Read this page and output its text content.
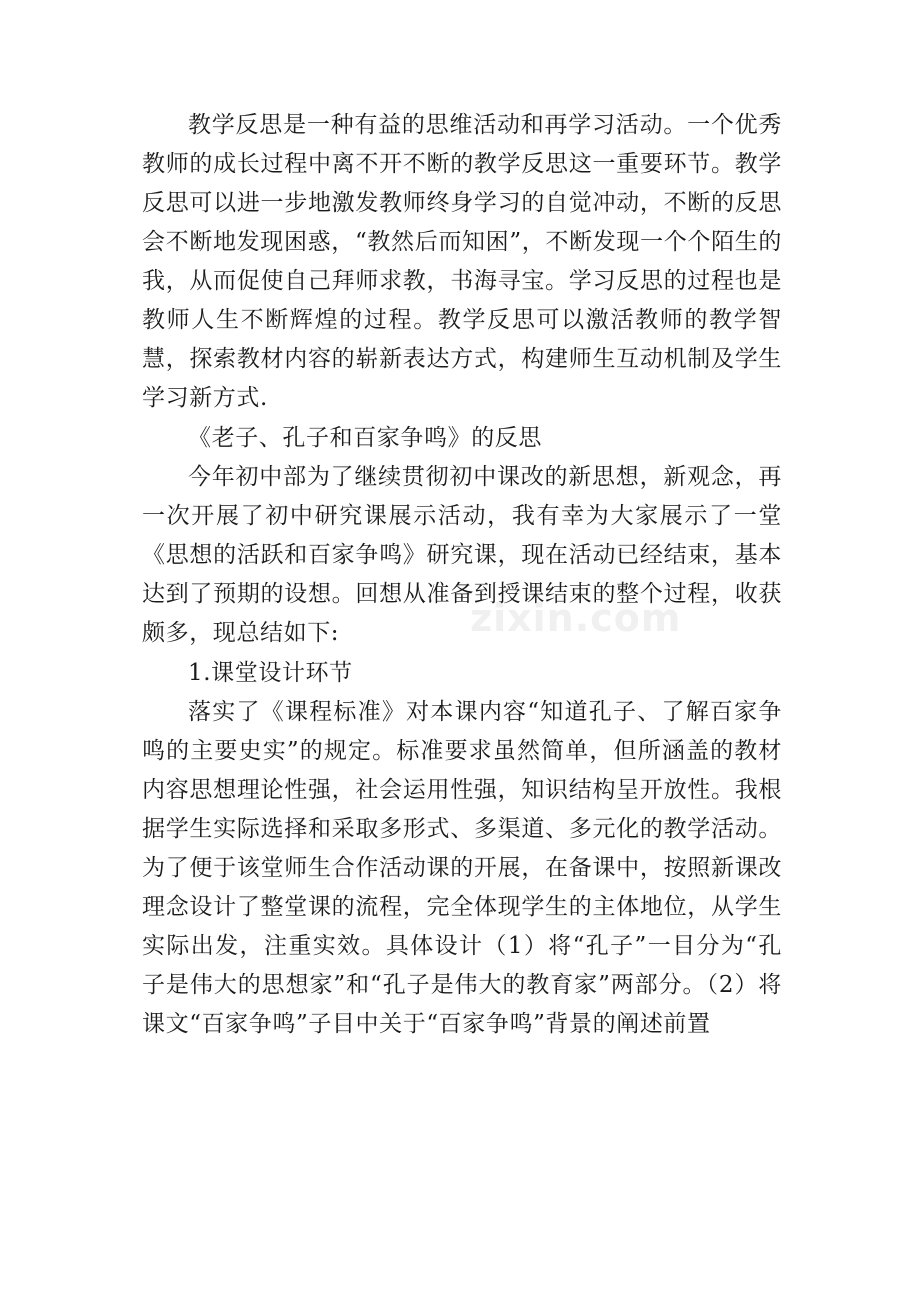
教学反思是一种有益的思维活动和再学习活动。一个优秀教师的成长过程中离不开不断的教学反思这一重要环节。教学反思可以进一步地激发教师终身学习的自觉冲动，不断的反思会不断地发现困惑，“教然后而知困”，不断发现一个个陌生的我，从而促使自己拜师求教，书海寻宝。学习反思的过程也是教师人生不断辉煌的过程。教学反思可以激活教师的教学智慧，探索教材内容的崭新表达方式，构建师生互动机制及学生学习新方式.

《老子、孔子和百家争鸣》的反思

今年初中部为了继续贯彻初中课改的新思想，新观念，再一次开展了初中研究课展示活动，我有幸为大家展示了一堂《思想的活跃和百家争鸣》研究课，现在活动已经结束，基本达到了预期的设想。回想从准备到授课结束的整个过程，收获颇多，现总结如下:

1.课堂设计环节

落实了《课程标准》对本课内容“知道孔子、了解百家争鸣的主要史实”的规定。标准要求虽然简单，但所涵盖的教材内容思想理论性强，社会运用性强，知识结构呈开放性。我根据学生实际选择和采取多形式、多渠道、多元化的教学活动。为了便于该堂师生合作活动课的开展，在备课中，按照新课改理念设计了整堂课的流程，完全体现学生的主体地位，从学生实际出发，注重实效。具体设计（1）将“孔子”一目分为“孔子是伟大的思想家”和“孔子是伟大的教育家”两部分。（2）将课文“百家争鸣”子目中关于“百家争鸣”背景的阐述前置

zixin.com
